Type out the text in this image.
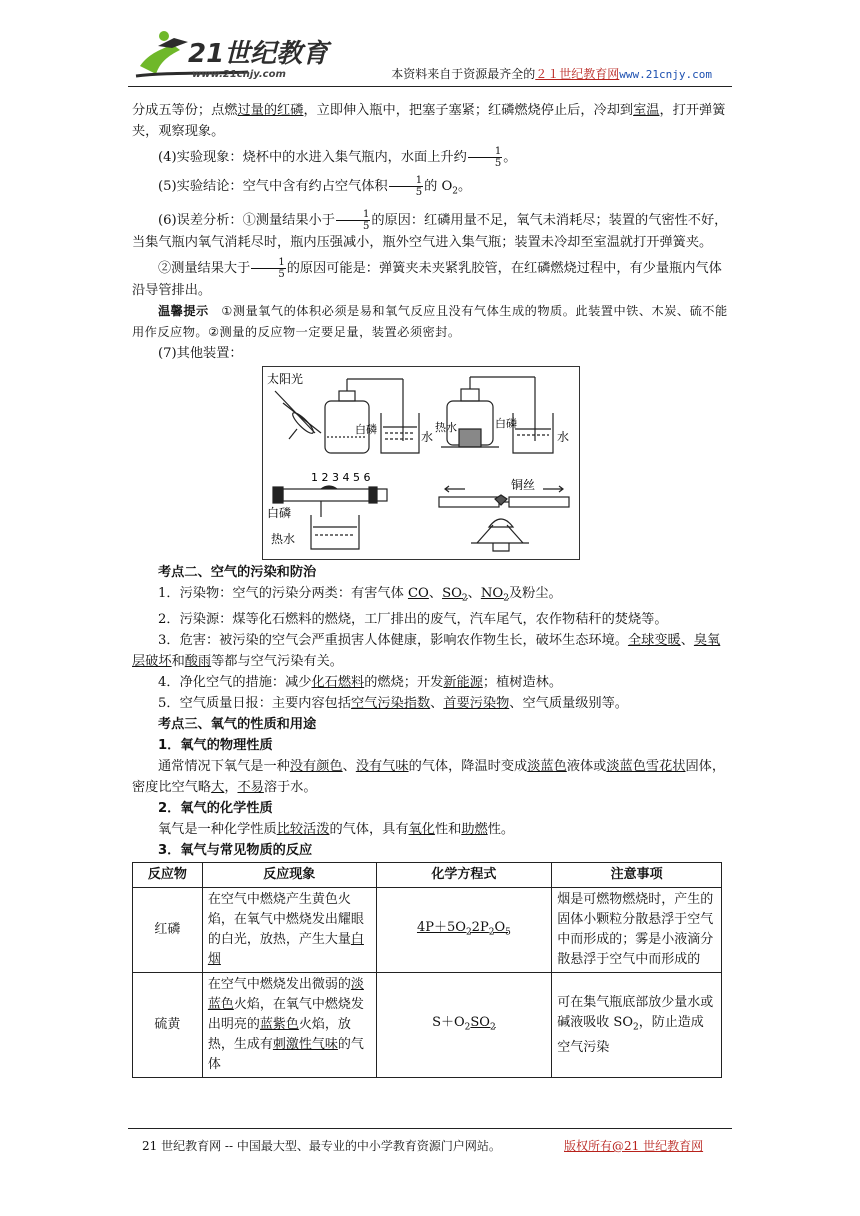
21世纪教育
www.21cnjy.com	本资料来自于资源最齐全的２１世纪教育网www.21cnjy.com

分成五等份；点燃过量的红磷，立即伸入瓶中，把塞子塞紧；红磷燃烧停止后，冷却到室温，打开弹簧夹，观察现象。

(4)实验现象：烧杯中的水进入集气瓶内，水面上升约 $\frac{1}{5}$ 。

(5)实验结论：空气中含有约占空气体积 $\frac{1}{5}$ 的 $O_2$。

(6)误差分析：①测量结果小于 $\frac{1}{5}$ 的原因：红磷用量不足，氧气未消耗尽；装置的气密性不好，当集气瓶内氧气消耗尽时，瓶内压强减小，瓶外空气进入集气瓶；装置未冷却至室温就打开弹簧夹。

②测量结果大于 $\frac{1}{5}$ 的原因可能是：弹簧夹未夹紧乳胶管，在红磷燃烧过程中，有少量瓶内气体沿导管排出。

温馨提示　①测量氧气的体积必须是易和氧气反应且没有气体生成的物质。此装置中铁、木炭、硫不能用作反应物。②测量的反应物一定要足量，装置必须密封。

(7)其他装置：

太阳光
白磷
水
热水	白磷
水
1 2 3 4 5 6
白磷
热水
铜丝

考点二、空气的污染和防治

1．污染物：空气的污染分两类：有害气体 CO、$SO_2$、$NO_2$及粉尘。

2．污染源：煤等化石燃料的燃烧，工厂排出的废气，汽车尾气，农作物秸秆的焚烧等。

3．危害：被污染的空气会严重损害人体健康，影响农作物生长，破坏生态环境。全球变暖、臭氧层破坏和酸雨等都与空气污染有关。

4．净化空气的措施：减少化石燃料的燃烧；开发新能源；植树造林。

5．空气质量日报：主要内容包括空气污染指数、首要污染物、空气质量级别等。

考点三、氧气的性质和用途

1．氧气的物理性质

通常情况下氧气是一种没有颜色、没有气味的气体，降温时变成淡蓝色液体或淡蓝色雪花状固体，密度比空气略大，不易溶于水。

2．氧气的化学性质

氧气是一种化学性质比较活泼的气体，具有氧化性和助燃性。

3．氧气与常见物质的反应

反应物	反应现象	化学方程式	注意事项
红磷	在空气中燃烧产生黄色火焰，在氧气中燃烧发出耀眼的白光，放热，产生大量白烟	$4P+5O_22P_2O_5$	烟是可燃物燃烧时，产生的固体小颗粒分散悬浮于空气中而形成的；雾是小液滴分散悬浮于空气中而形成的
硫黄	在空气中燃烧发出微弱的淡蓝色火焰，在氧气中燃烧发出明亮的蓝紫色火焰，放热，生成有刺激性气味的气体	$S+O_2SO_2$	可在集气瓶底部放少量水或碱液吸收 $SO_2$，防止造成空气污染
21 世纪教育网 -- 中国最大型、最专业的中小学教育资源门户网站。	版权所有@21 世纪教育网
